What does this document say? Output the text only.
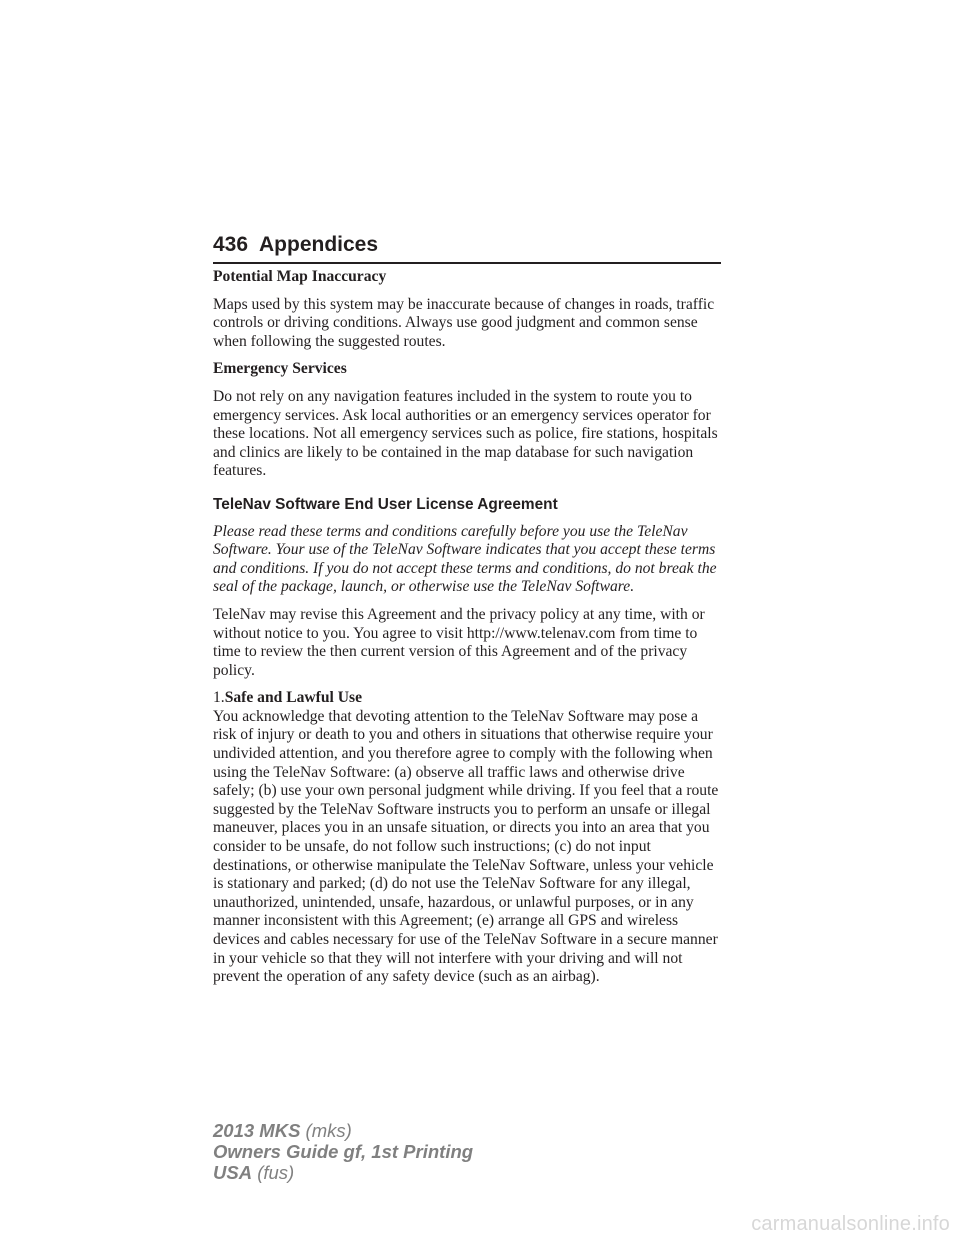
436 Appendices
Potential Map Inaccuracy

Maps used by this system may be inaccurate because of changes in roads, traffic controls or driving conditions. Always use good judgment and common sense when following the suggested routes.

Emergency Services

Do not rely on any navigation features included in the system to route you to emergency services. Ask local authorities or an emergency services operator for these locations. Not all emergency services such as police, fire stations, hospitals and clinics are likely to be contained in the map database for such navigation features.

TeleNav Software End User License Agreement

Please read these terms and conditions carefully before you use the TeleNav Software. Your use of the TeleNav Software indicates that you accept these terms and conditions. If you do not accept these terms and conditions, do not break the seal of the package, launch, or otherwise use the TeleNav Software.

TeleNav may revise this Agreement and the privacy policy at any time, with or without notice to you. You agree to visit http://www.telenav.com from time to time to review the then current version of this Agreement and of the privacy policy.

1.Safe and Lawful Use

You acknowledge that devoting attention to the TeleNav Software may pose a risk of injury or death to you and others in situations that otherwise require your undivided attention, and you therefore agree to comply with the following when using the TeleNav Software: (a) observe all traffic laws and otherwise drive safely; (b) use your own personal judgment while driving. If you feel that a route suggested by the TeleNav Software instructs you to perform an unsafe or illegal maneuver, places you in an unsafe situation, or directs you into an area that you consider to be unsafe, do not follow such instructions; (c) do not input destinations, or otherwise manipulate the TeleNav Software, unless your vehicle is stationary and parked; (d) do not use the TeleNav Software for any illegal, unauthorized, unintended, unsafe, hazardous, or unlawful purposes, or in any manner inconsistent with this Agreement; (e) arrange all GPS and wireless devices and cables necessary for use of the TeleNav Software in a secure manner in your vehicle so that they will not interfere with your driving and will not prevent the operation of any safety device (such as an airbag).

2013 MKS (mks)
Owners Guide gf, 1st Printing
USA (fus)
carmanualsonline.info
